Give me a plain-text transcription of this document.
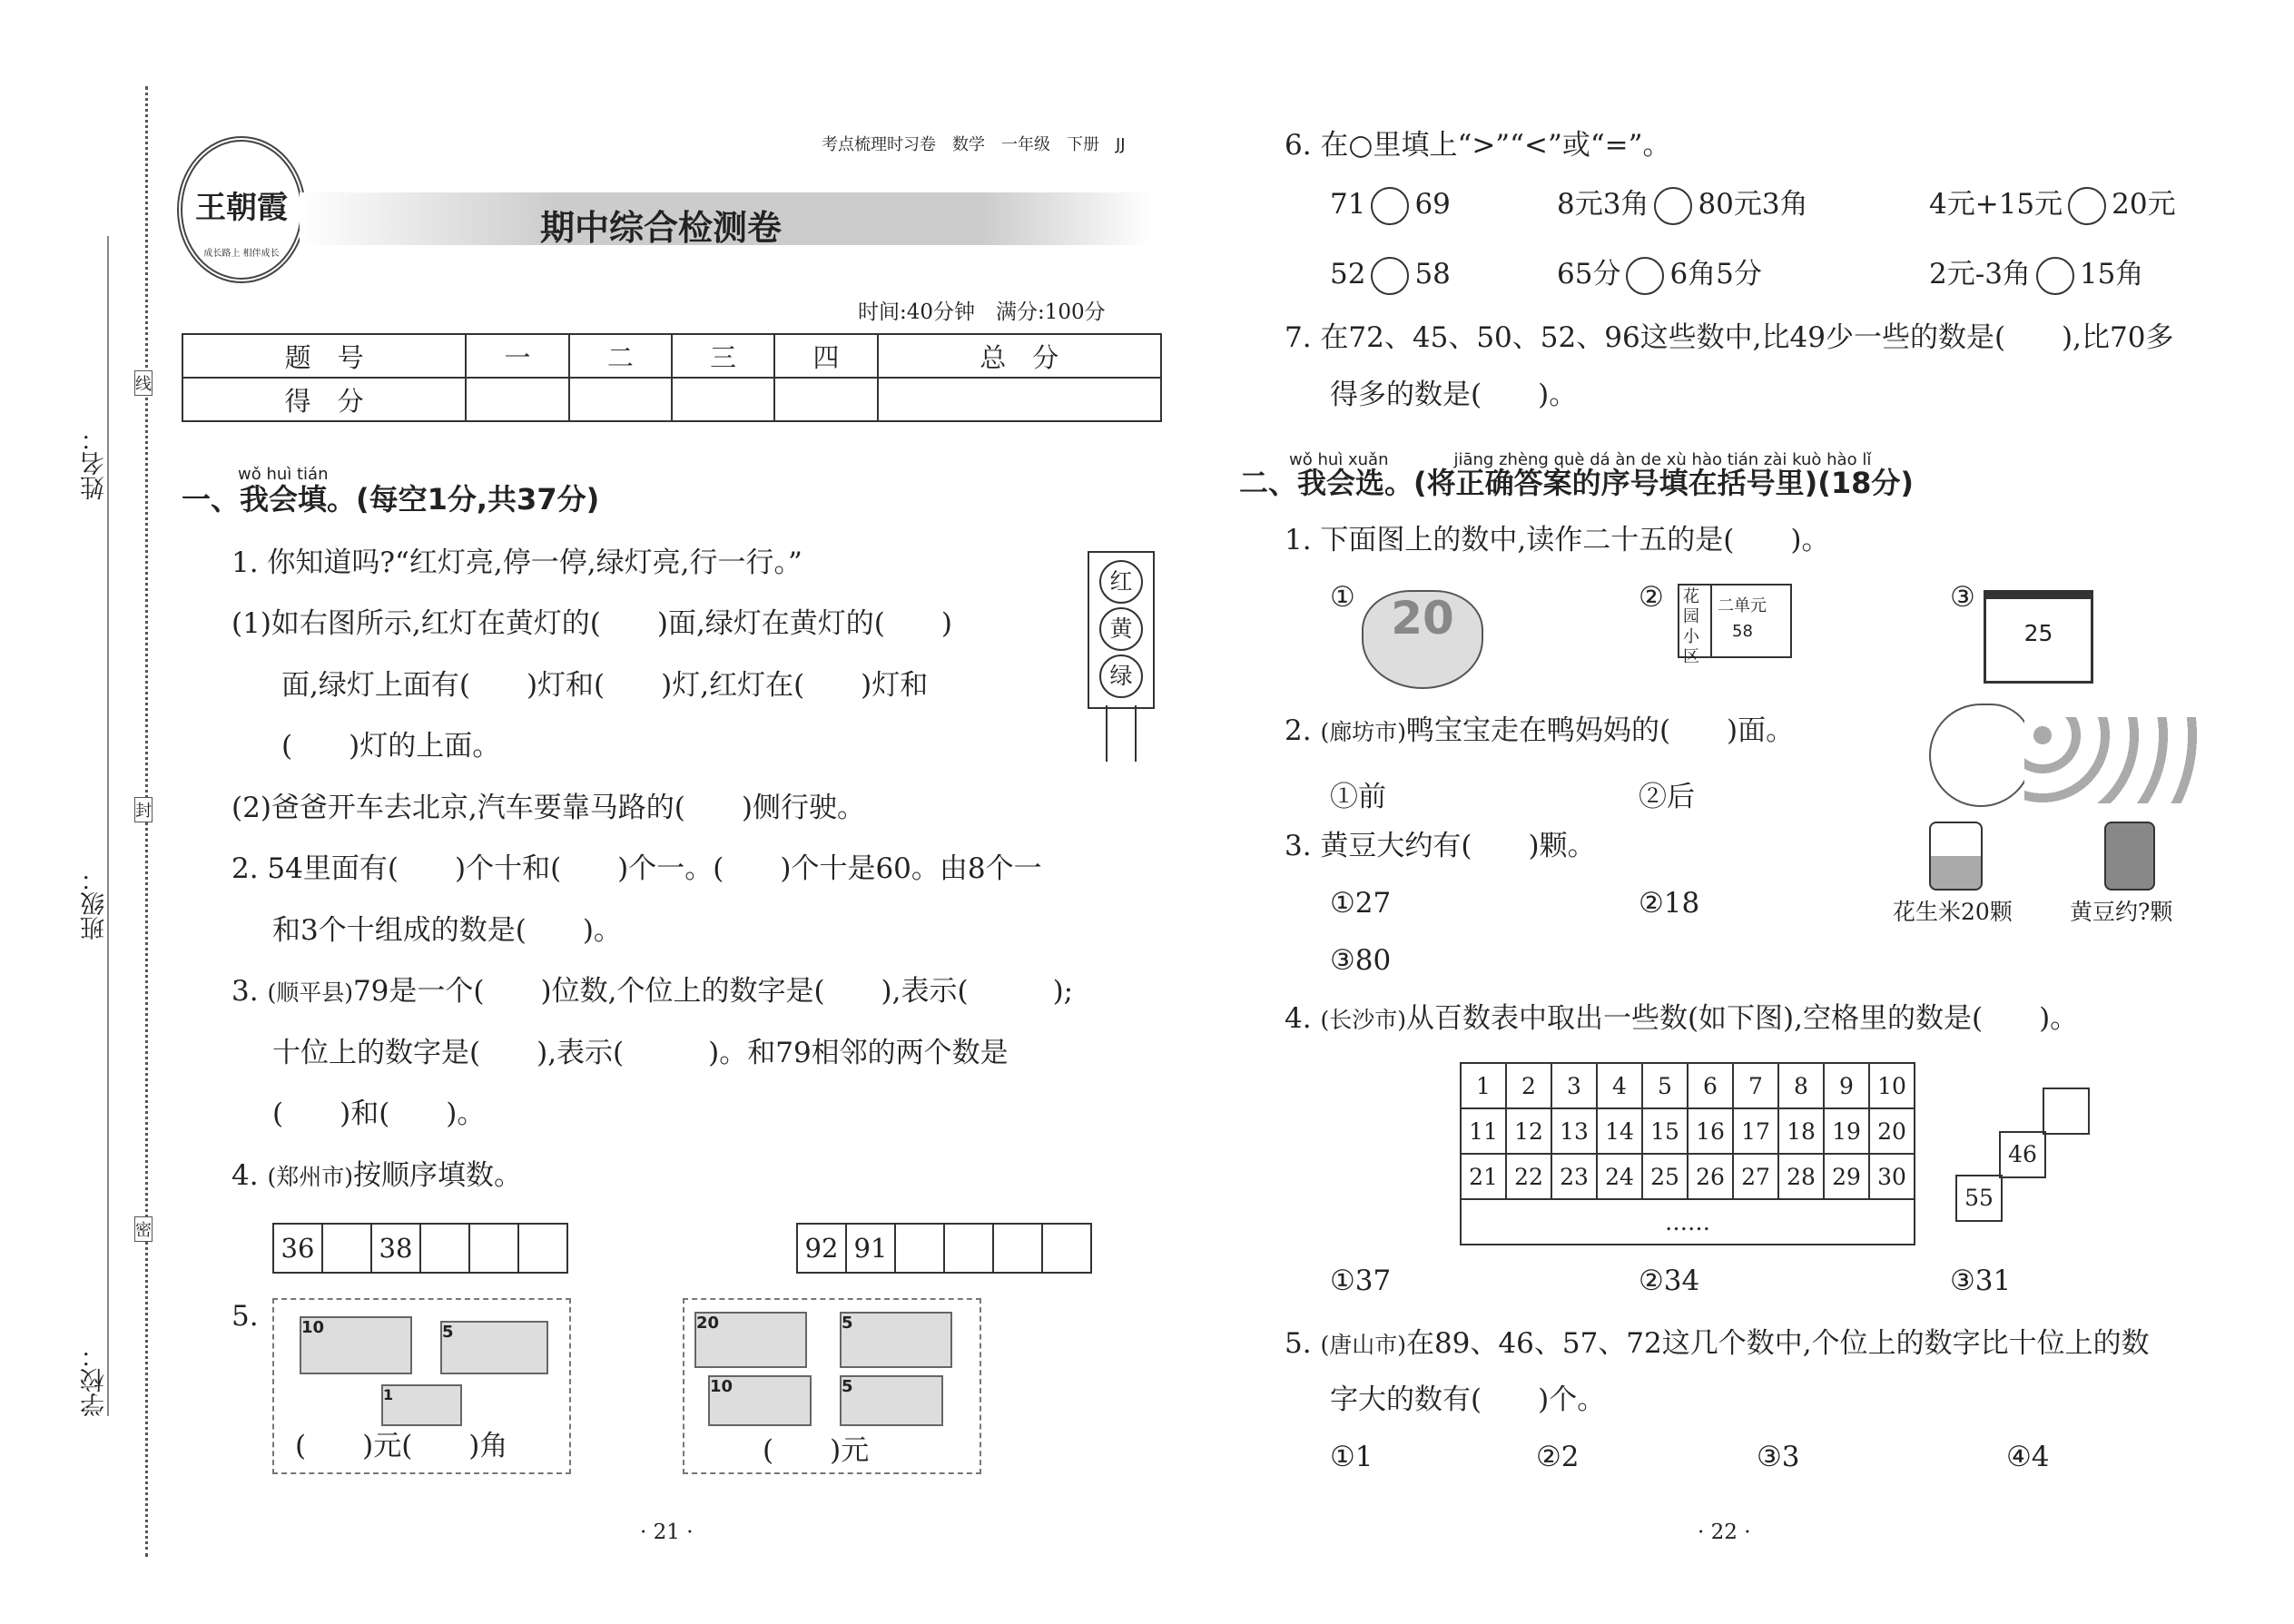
姓名：
班级：
学校：
线
封
密
王朝霞
成长路上 相伴成长
考点梳理时习卷　数学　一年级　下册　JJ
期中综合检测卷
时间:40分钟　满分:100分
题　号	一	二	三	四	总　分
得　分					
wǒ huì tián
一、我会填。(每空1分,共37分)
1. 你知道吗?“红灯亮,停一停,绿灯亮,行一行。”
(1)如右图所示,红灯在黄灯的(　　)面,绿灯在黄灯的(　　)
面,绿灯上面有(　　)灯和(　　)灯,红灯在(　　)灯和
(　　)灯的上面。
(2)爸爸开车去北京,汽车要靠马路的(　　)侧行驶。
红
黄
绿
2. 54里面有(　　)个十和(　　)个一。(　　)个十是60。由8个一
和3个十组成的数是(　　)。
3. (顺平县)79是一个(　　)位数,个位上的数字是(　　),表示(　　　);
十位上的数字是(　　),表示(　　　)。和79相邻的两个数是
(　　)和(　　)。
4. (郑州市)按顺序填数。
36		38				92	91				
5.	10	5
1
(　　)元(　　)角
20	5
10	5
(　　)元
· 21 ·
6. 在○里填上“>”“<”或“=”。
71 69	8元3角 80元3角	4元+15元 20元
52 58	65分 6角5分	2元-3角 15角
7. 在72、45、50、52、96这些数中,比49少一些的数是(　　),比70多
得多的数是(　　)。
wǒ huì xuǎn　　　　jiāng zhèng què dá àn de xù hào tián zài kuò hào lǐ
二、我会选。(将正确答案的序号填在括号里)(18分)
1. 下面图上的数中,读作二十五的是(　　)。
① 20	② 花园小区
二单元
58
③
25
2. (廊坊市)鸭宝宝走在鸭妈妈的(　　)面。
①前	②后
3. 黄豆大约有(　　)颗。
①27	②18
③80
花生米20颗	黄豆约?颗
4. (长沙市)从百数表中取出一些数(如下图),空格里的数是(　　)。
1	2	3	4	5	6	7	8	9	10
11	12	13	14	15	16	17	18	19	20
21	22	23	24	25	26	27	28	29	30
……									
46
55
①37	②34	③31
5. (唐山市)在89、46、57、72这几个数中,个位上的数字比十位上的数
字大的数有(　　)个。
①1	②2	③3	④4
· 22 ·
